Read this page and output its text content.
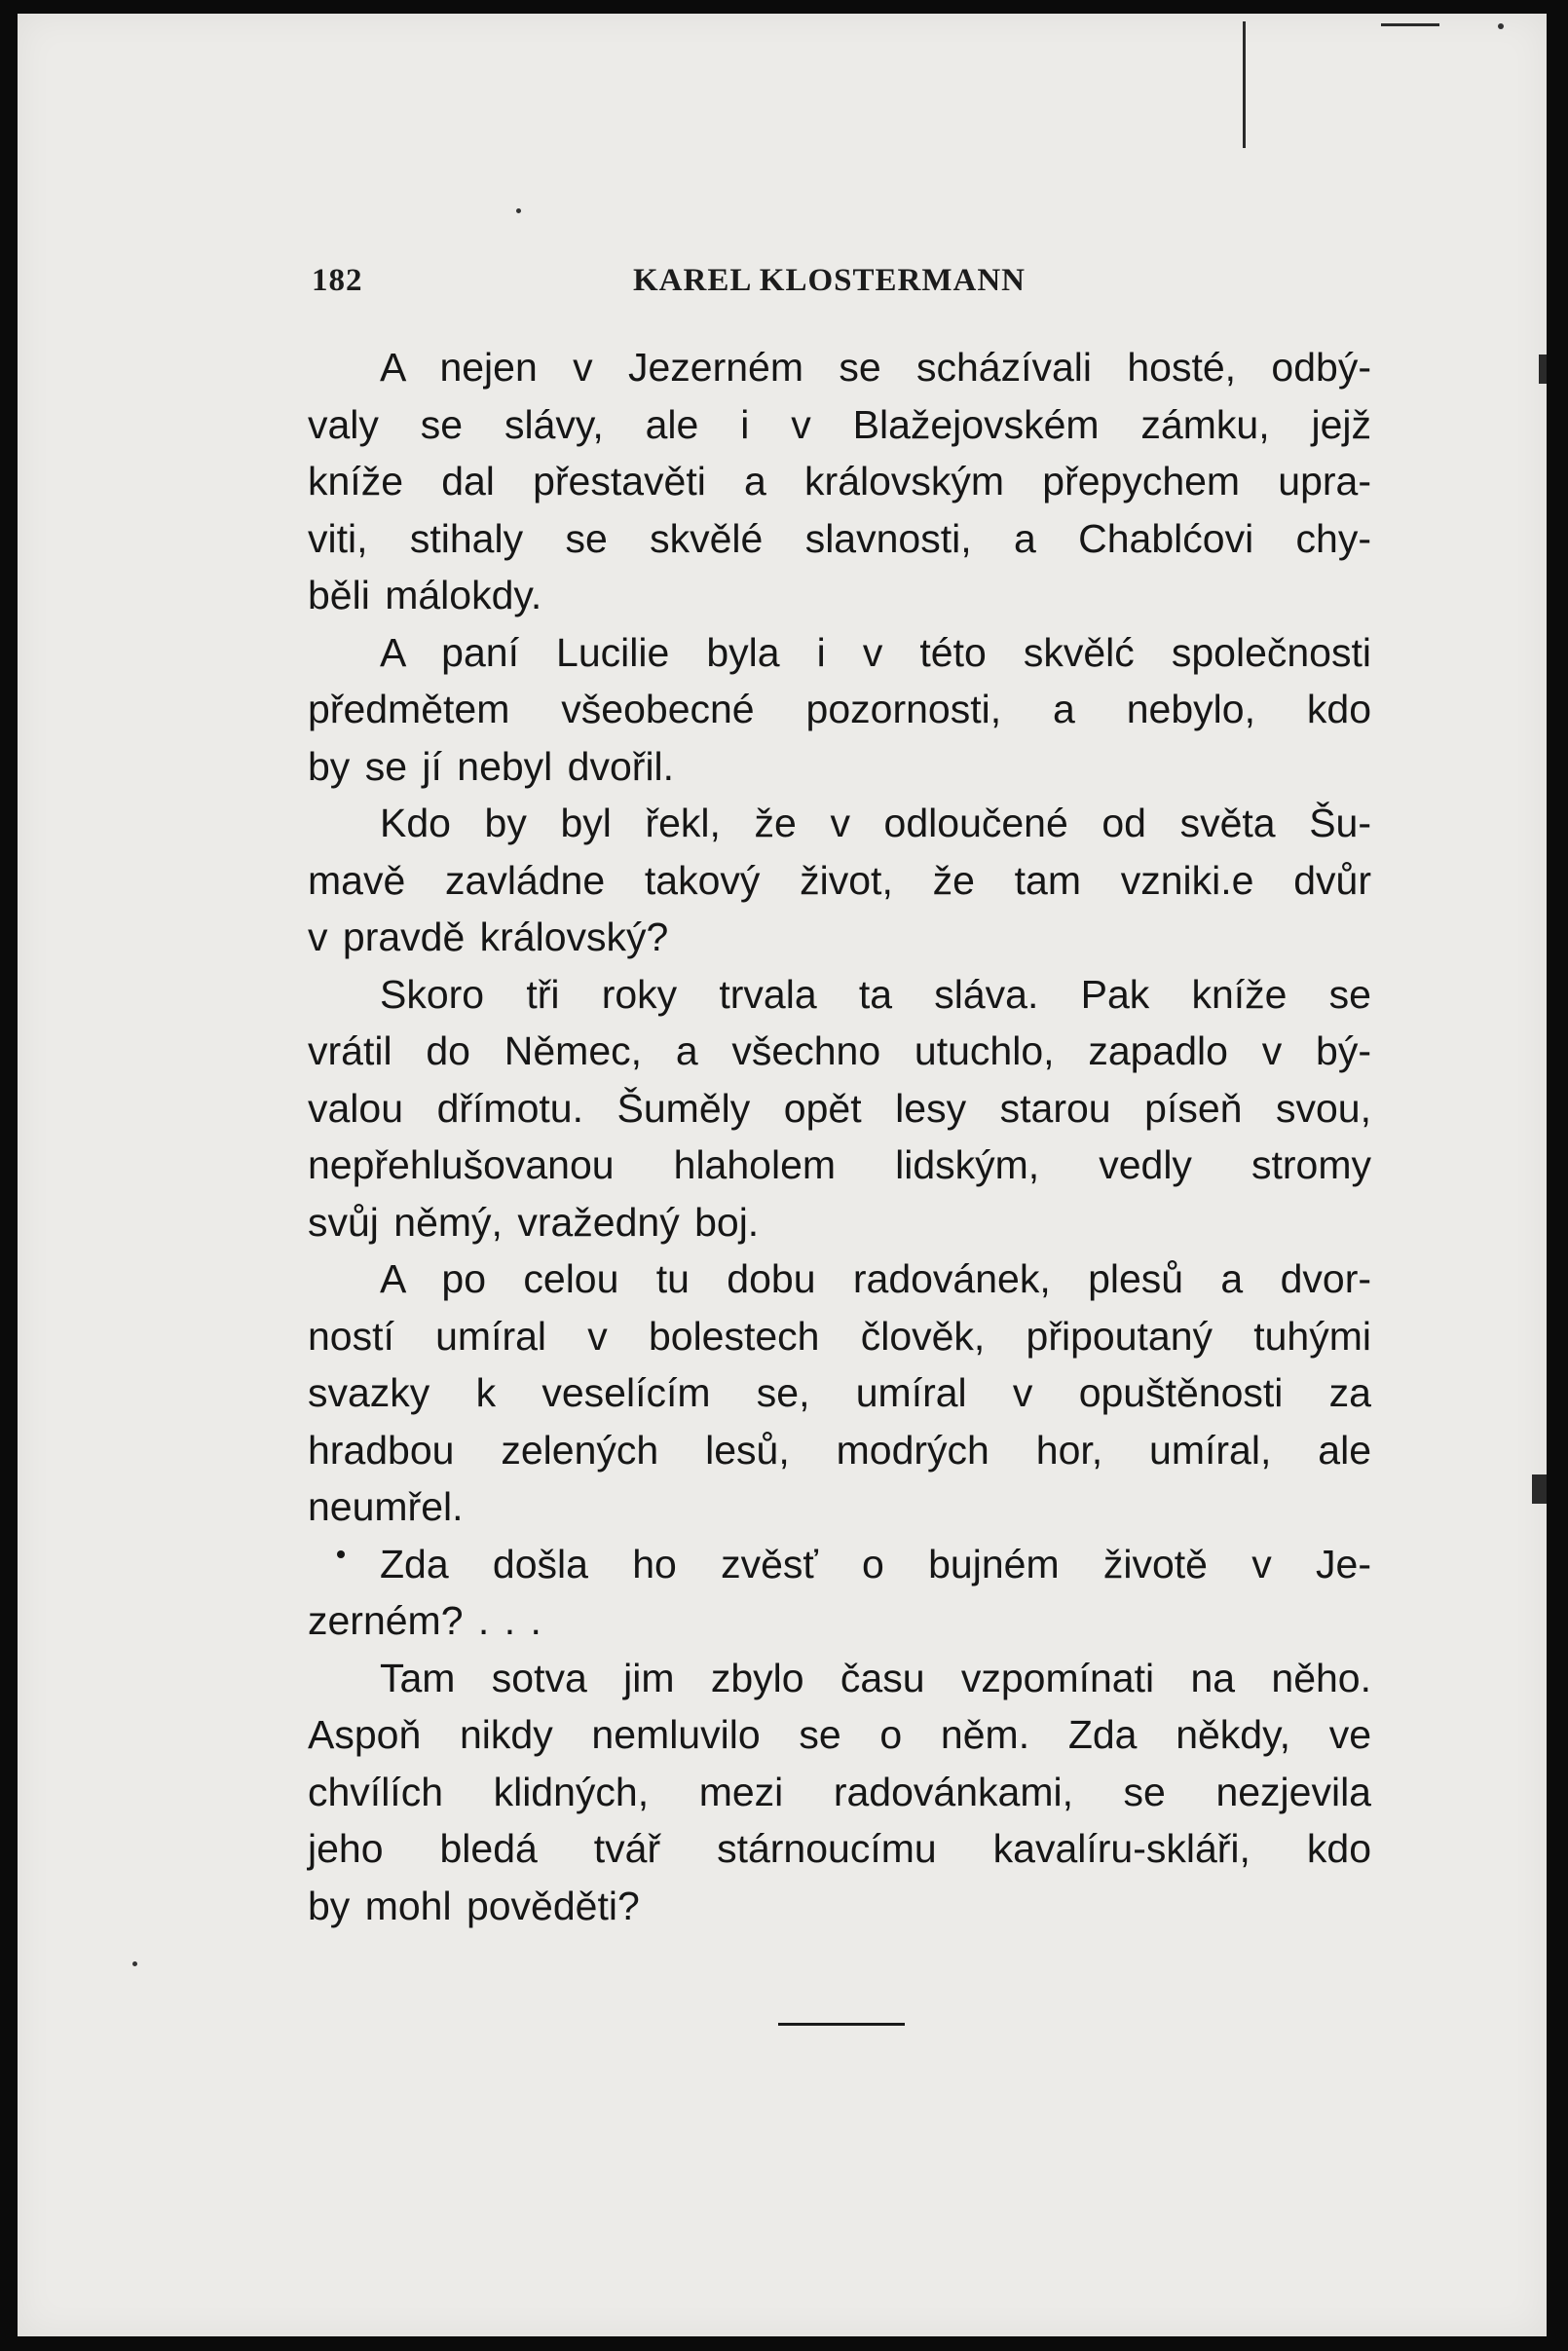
182	KAREL KLOSTERMANN
A nejen v Jezerném se scházívali hosté, odbý-
valy se slávy, ale i v Blažejovském zámku, jejž
kníže dal přestavěti a královským přepychem upra-
viti, stihaly se skvělé slavnosti, a Chablćovi chy-
běli málokdy.
A paní Lucilie byla i v této skvělć společnosti
předmětem všeobecné pozornosti, a nebylo, kdo
by se jí nebyl dvořil.
Kdo by byl řekl, že v odloučené od světa Šu-
mavě zavládne takový život, že tam vzniki.e dvůr
v pravdě královský?
Skoro tři roky trvala ta sláva. Pak kníže se
vrátil do Němec, a všechno utuchlo, zapadlo v bý-
valou dřímotu. Šuměly opět lesy starou píseň svou,
nepřehlušovanou hlaholem lidským, vedly stromy
svůj němý, vražedný boj.
A po celou tu dobu radovánek, plesů a dvor-
ností umíral v bolestech člověk, připoutaný tuhými
svazky k veselícím se, umíral v opuštěnosti za
hradbou zelených lesů, modrých hor, umíral, ale
neumřel.
Zda došla ho zvěsť o bujném životě v Je-
zerném? . . .
Tam sotva jim zbylo času vzpomínati na něho.
Aspoň nikdy nemluvilo se o něm. Zda někdy, ve
chvílích klidných, mezi radovánkami, se nezjevila
jeho bledá tvář stárnoucímu kavalíru-skláři, kdo
by mohl pověděti?
